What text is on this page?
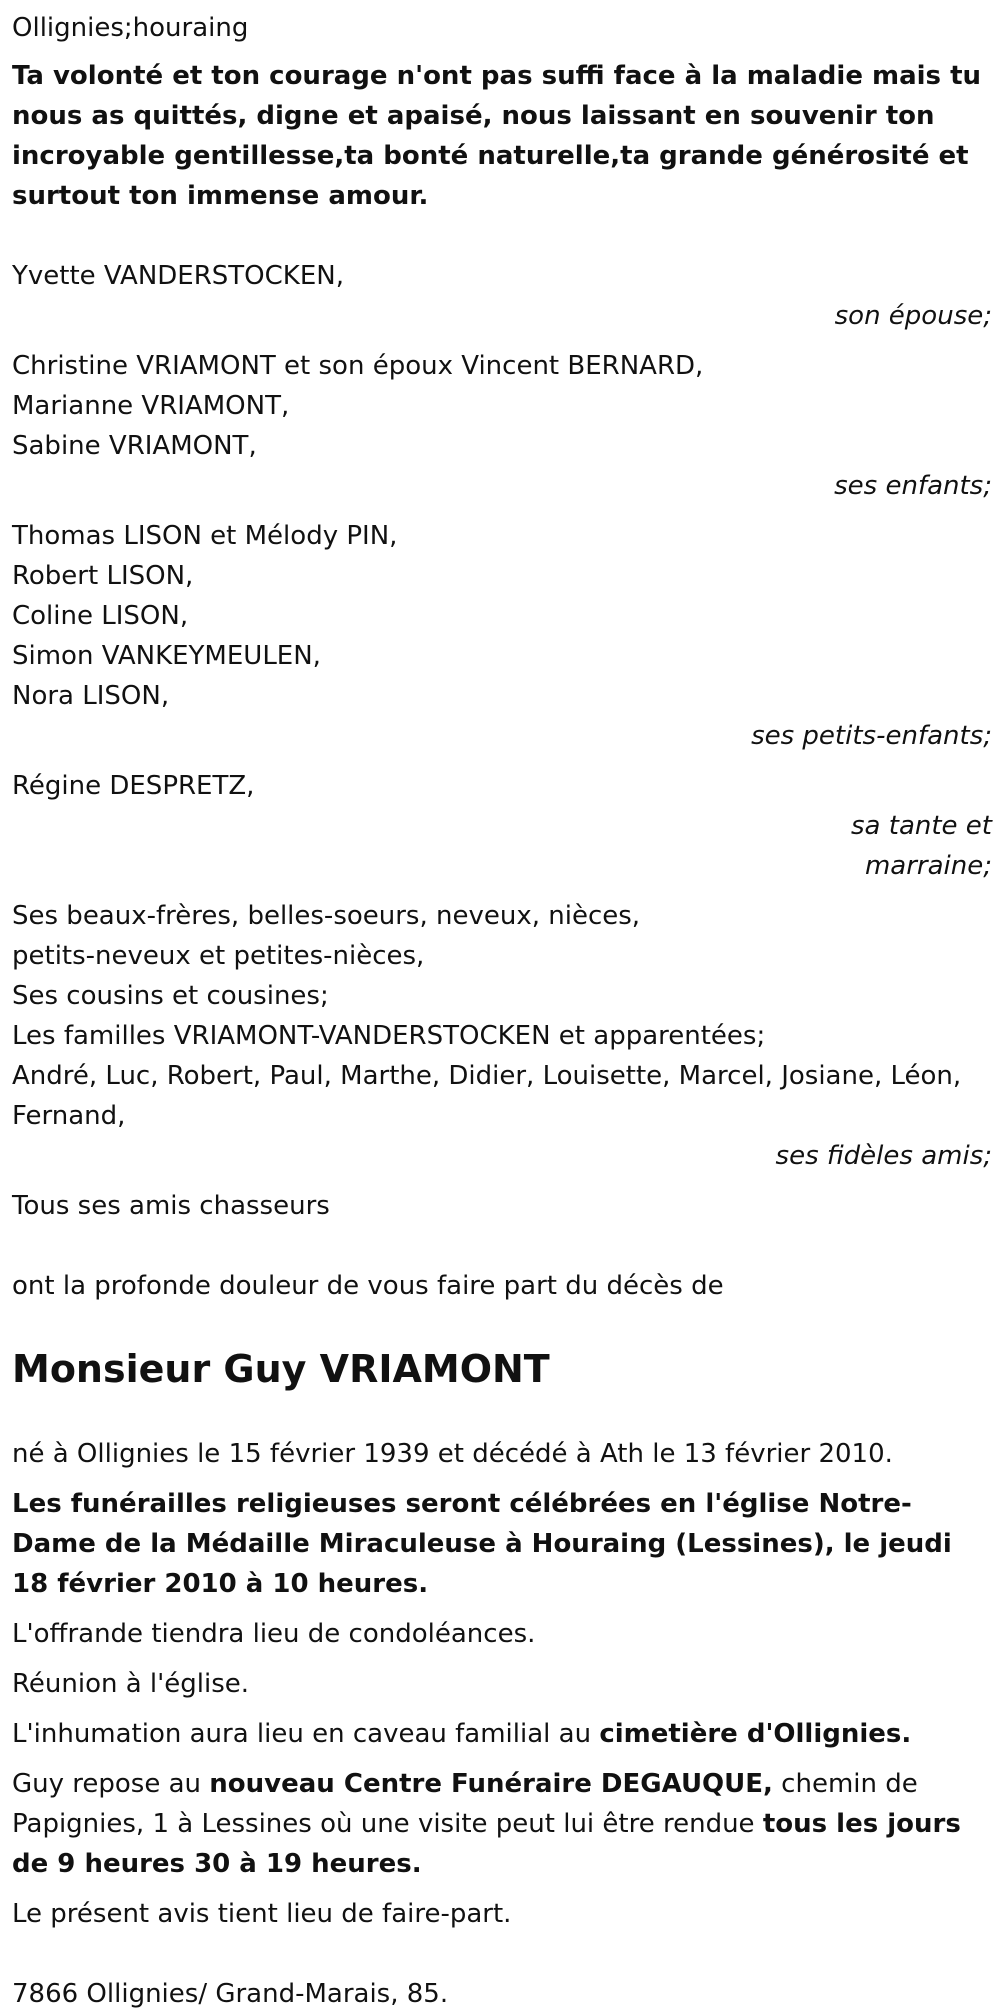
Ollignies;houraing

Ta volonté et ton courage n'ont pas suffi face à la maladie mais tu nous as quittés, digne et apaisé, nous laissant en souvenir ton incroyable gentillesse,ta bonté naturelle,ta grande générosité et surtout ton immense amour.

Yvette VANDERSTOCKEN,
son épouse;
Christine VRIAMONT et son époux Vincent BERNARD,
Marianne VRIAMONT,
Sabine VRIAMONT,
ses enfants;
Thomas LISON et Mélody PIN,
Robert LISON,
Coline LISON,
Simon VANKEYMEULEN,
Nora LISON,
ses petits-enfants;
Régine DESPRETZ,
sa tante et
marraine;
Ses beaux-frères, belles-soeurs, neveux, nièces,
petits-neveux et petites-nièces,
Ses cousins et cousines;
Les familles VRIAMONT-VANDERSTOCKEN et apparentées;
André, Luc, Robert, Paul, Marthe, Didier, Louisette, Marcel, Josiane, Léon,
Fernand,
ses fidèles amis;

Tous ses amis chasseurs

ont la profonde douleur de vous faire part du décès de

Monsieur Guy VRIAMONT

né à Ollignies le 15 février 1939 et décédé à Ath le 13 février 2010.

Les funérailles religieuses seront célébrées en l'église Notre-Dame de la Médaille Miraculeuse à Houraing (Lessines), le jeudi 18 février 2010 à 10 heures.

L'offrande tiendra lieu de condoléances.

Réunion à l'église.

L'inhumation aura lieu en caveau familial au cimetière d'Ollignies.

Guy repose au nouveau Centre Funéraire DEGAUQUE, chemin de Papignies, 1 à Lessines où une visite peut lui être rendue tous les jours de 9 heures 30 à 19 heures.

Le présent avis tient lieu de faire-part.

7866 Ollignies/ Grand-Marais, 85.
